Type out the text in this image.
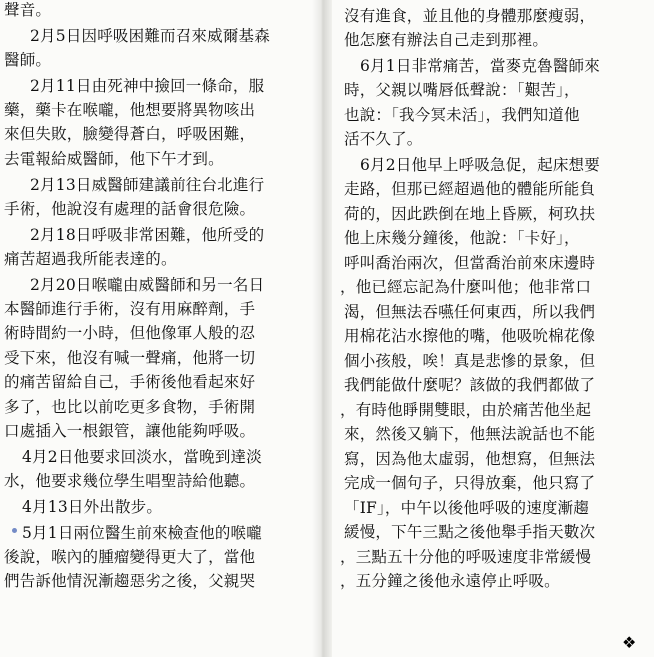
聲音。
2月5日因呼吸困難而召來威爾基森
醫師。
2月11日由死神中撿回一條命，服
藥，藥卡在喉嚨，他想要將異物咳出
來但失敗，臉變得蒼白，呼吸困難，
去電報給威醫師，他下午才到。
2月13日威醫師建議前往台北進行
手術，他說沒有處理的話會很危險。
2月18日呼吸非常困難，他所受的
痛苦超過我所能表達的。
2月20日喉嚨由威醫師和另一名日
本醫師進行手術，沒有用麻醉劑，手
術時間約一小時，但他像軍人般的忍
受下來，他沒有喊一聲痛，他將一切
的痛苦留給自己，手術後他看起來好
多了，也比以前吃更多食物，手術開
口處插入一根銀管，讓他能夠呼吸。
4月2日他要求回淡水，當晚到達淡
水，他要求幾位學生唱聖詩給他聽。
4月13日外出散步。
5月1日兩位醫生前來檢查他的喉嚨
後說，喉內的腫瘤變得更大了，當他
們告訴他情況漸趨惡劣之後，父親哭
沒有進食，並且他的身體那麼瘦弱，
他怎麼有辦法自己走到那裡。
6月1日非常痛苦，當麥克魯醫師來
時，父親以嘴唇低聲說：「艱苦」，
也說：「我今冥未活」，我們知道他
活不久了。
6月2日他早上呼吸急促，起床想要
走路，但那已經超過他的體能所能負
荷的，因此跌倒在地上昏厥，柯玖扶
他上床幾分鐘後，他說：「卡好」，
呼叫喬治兩次，但當喬治前來床邊時
，他已經忘記為什麼叫他；他非常口
渴，但無法吞嚥任何東西，所以我們
用棉花沾水擦他的嘴，他吸吮棉花像
個小孩般，唉！真是悲慘的景象，但
我們能做什麼呢？該做的我們都做了
，有時他睜開雙眼，由於痛苦他坐起
來，然後又躺下，他無法說話也不能
寫，因為他太虛弱，他想寫，但無法
完成一個句子，只得放棄，他只寫了
「IF」，中午以後他呼吸的速度漸趨
緩慢，下午三點之後他舉手指天數次
，三點五十分他的呼吸速度非常緩慢
，五分鐘之後他永遠停止呼吸。
❖
